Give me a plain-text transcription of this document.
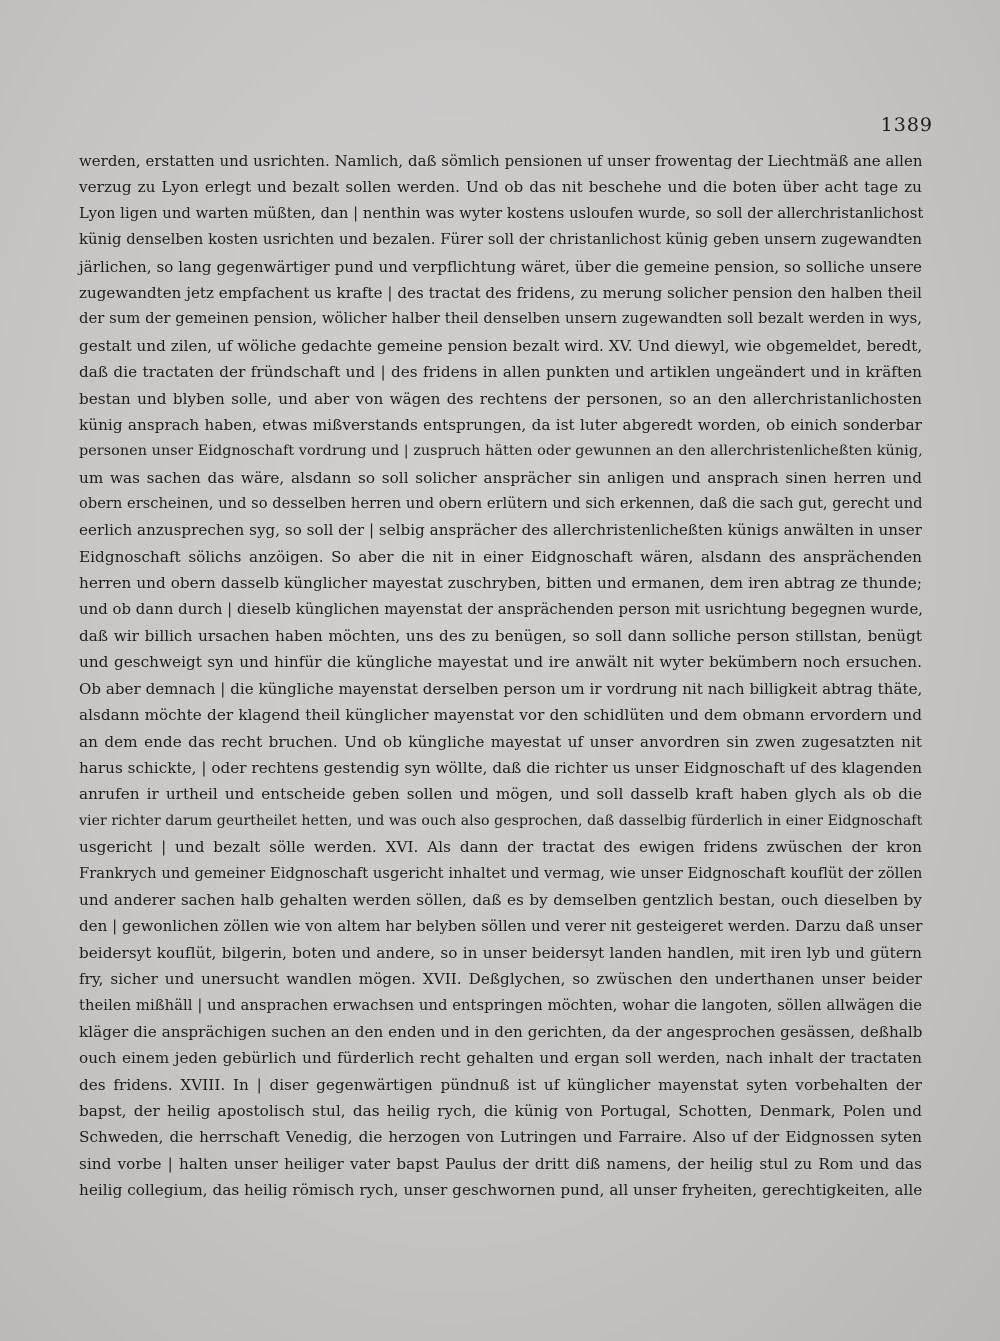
1389
werden, erstatten und usrichten. Namlich, daß sömlich pensionen uf unser frowentag der Liechtmäß ane allen
verzug zu Lyon erlegt und bezalt sollen werden. Und ob das nit beschehe und die boten über acht tage zu
Lyon ligen und warten müßten, dan | nenthin was wyter kostens usloufen wurde, so soll der allerchristanlichost
künig denselben kosten usrichten und bezalen. Fürer soll der christanlichost künig geben unsern zugewandten
järlichen, so lang gegenwärtiger pund und verpflichtung wäret, über die gemeine pension, so solliche unsere
zugewandten jetz empfachent us krafte | des tractat des fridens, zu merung solicher pension den halben theil
der sum der gemeinen pension, wölicher halber theil denselben unsern zugewandten soll bezalt werden in wys,
gestalt und zilen, uf wöliche gedachte gemeine pension bezalt wird. XV. Und diewyl, wie obgemeldet, beredt,
daß die tractaten der fründschaft und | des fridens in allen punkten und artiklen ungeändert und in kräften
bestan und blyben solle, und aber von wägen des rechtens der personen, so an den allerchristanlichosten
künig ansprach haben, etwas mißverstands entsprungen, da ist luter abgeredt worden, ob einich sonderbar
personen unser Eidgnoschaft vordrung und | zuspruch hätten oder gewunnen an den allerchristenlicheßten künig,
um was sachen das wäre, alsdann so soll solicher ansprächer sin anligen und ansprach sinen herren und
obern erscheinen, und so desselben herren und obern erlütern und sich erkennen, daß die sach gut, gerecht und
eerlich anzusprechen syg, so soll der | selbig ansprächer des allerchristenlicheßten künigs anwälten in unser
Eidgnoschaft sölichs anzöigen. So aber die nit in einer Eidgnoschaft wären, alsdann des ansprächenden
herren und obern dasselb künglicher mayestat zuschryben, bitten und ermanen, dem iren abtrag ze thunde;
und ob dann durch | dieselb künglichen mayenstat der ansprächenden person mit usrichtung begegnen wurde,
daß wir billich ursachen haben möchten, uns des zu benügen, so soll dann solliche person stillstan, benügt
und geschweigt syn und hinfür die küngliche mayestat und ire anwält nit wyter bekümbern noch ersuchen.
Ob aber demnach | die küngliche mayenstat derselben person um ir vordrung nit nach billigkeit abtrag thäte,
alsdann möchte der klagend theil künglicher mayenstat vor den schidlüten und dem obmann ervordern und
an dem ende das recht bruchen. Und ob küngliche mayestat uf unser anvordren sin zwen zugesatzten nit
harus schickte, | oder rechtens gestendig syn wöllte, daß die richter us unser Eidgnoschaft uf des klagenden
anrufen ir urtheil und entscheide geben sollen und mögen, und soll dasselb kraft haben glych als ob die
vier richter darum geurtheilet hetten, und was ouch also gesprochen, daß dasselbig fürderlich in einer Eidgnoschaft
usgericht | und bezalt sölle werden. XVI. Als dann der tractat des ewigen fridens zwüschen der kron
Frankrych und gemeiner Eidgnoschaft usgericht inhaltet und vermag, wie unser Eidgnoschaft kouflüt der zöllen
und anderer sachen halb gehalten werden söllen, daß es by demselben gentzlich bestan, ouch dieselben by
den | gewonlichen zöllen wie von altem har belyben söllen und verer nit gesteigeret werden. Darzu daß unser
beidersyt kouflüt, bilgerin, boten und andere, so in unser beidersyt landen handlen, mit iren lyb und gütern
fry, sicher und unersucht wandlen mögen. XVII. Deßglychen, so zwüschen den underthanen unser beider
theilen mißhäll | und ansprachen erwachsen und entspringen möchten, wohar die langoten, söllen allwägen die
kläger die ansprächigen suchen an den enden und in den gerichten, da der angesprochen gesässen, deßhalb
ouch einem jeden gebürlich und fürderlich recht gehalten und ergan soll werden, nach inhalt der tractaten
des fridens. XVIII. In | diser gegenwärtigen pündnuß ist uf künglicher mayenstat syten vorbehalten der
bapst, der heilig apostolisch stul, das heilig rych, die künig von Portugal, Schotten, Denmark, Polen und
Schweden, die herrschaft Venedig, die herzogen von Lutringen und Farraire. Also uf der Eidgnossen syten
sind vorbe | halten unser heiliger vater bapst Paulus der dritt diß namens, der heilig stul zu Rom und das
heilig collegium, das heilig römisch rych, unser geschwornen pund, all unser fryheiten, gerechtigkeiten, alle
